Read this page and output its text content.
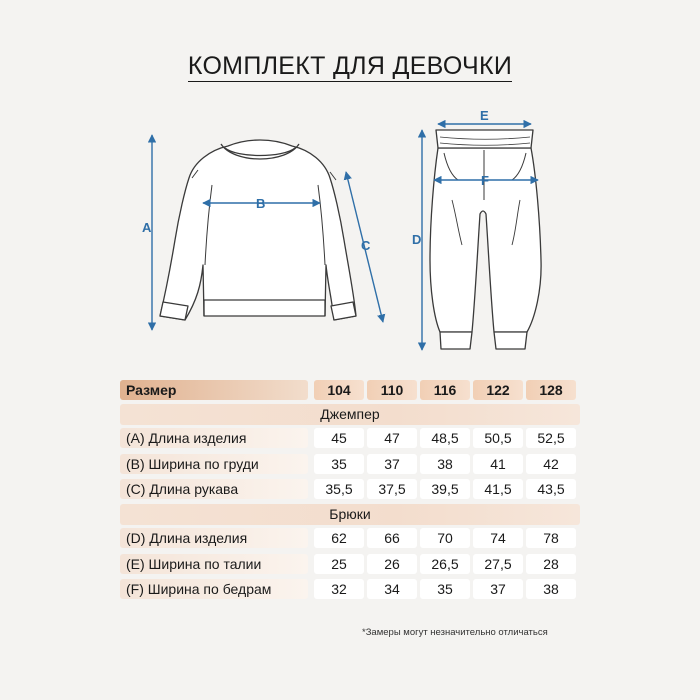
КОМПЛЕКТ ДЛЯ ДЕВОЧКИ
A
B
C	D
E
F
Размер	104	110	116	122	128
Джемпер
(A) Длина изделия	45	47	48,5	50,5	52,5
(B) Ширина по груди	35	37	38	41	42
(C) Длина рукава	35,5	37,5	39,5	41,5	43,5
Брюки
(D) Длина изделия	62	66	70	74	78
(E) Ширина по талии	25	26	26,5	27,5	28
(F) Ширина по бедрам	32	34	35	37	38
*Замеры могут незначительно отличаться
